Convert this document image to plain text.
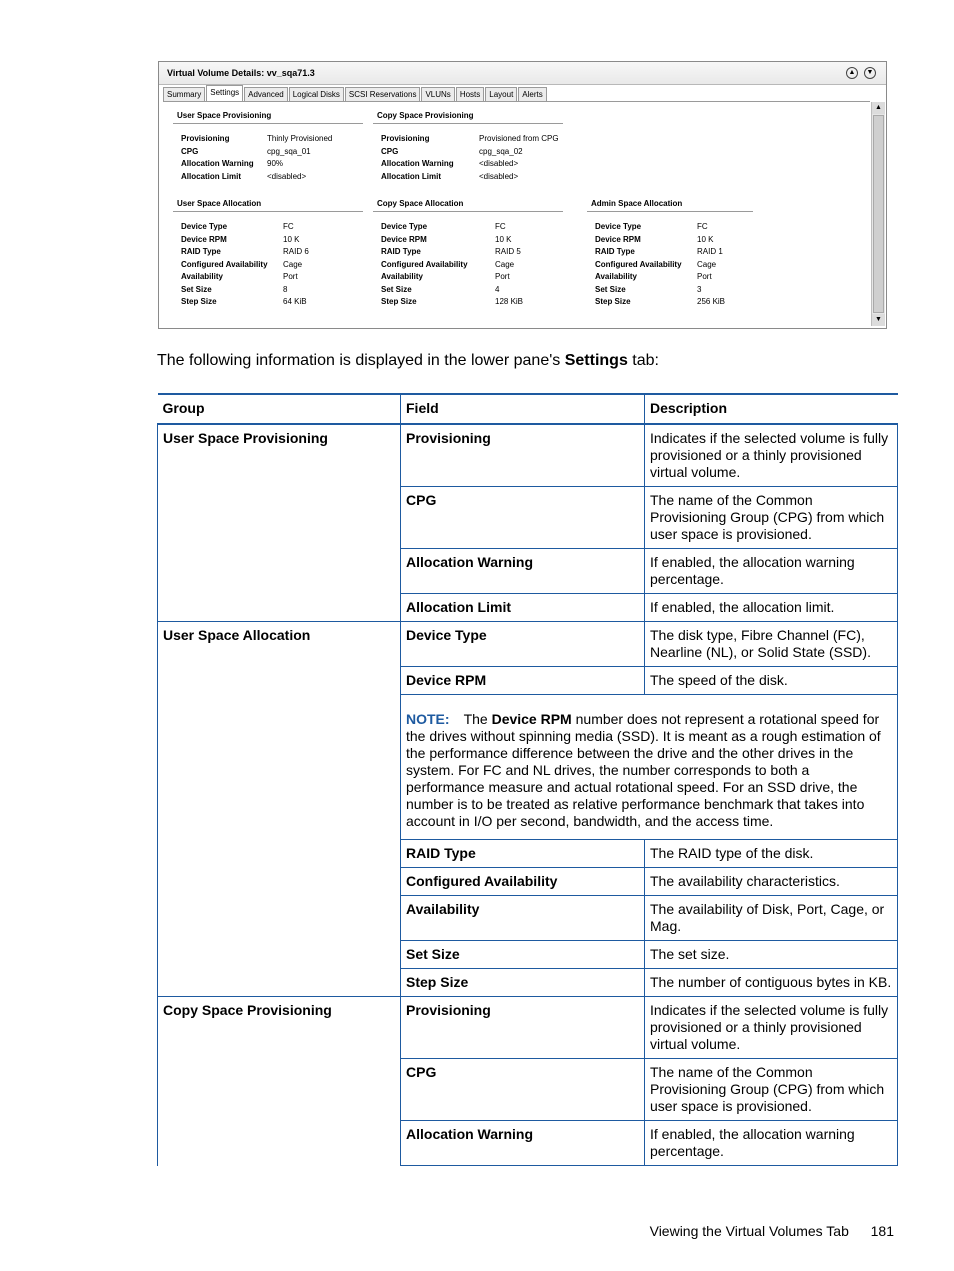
Virtual Volume Details: vv_sqa71.3	▲	▼
Summary	Settings	Advanced	Logical Disks	SCSI Reservations	VLUNs	Hosts	Layout	Alerts
User Space Provisioning
Provisioning	Thinly Provisioned
CPG	cpg_sqa_01
Allocation Warning 90%
Allocation Limit	<disabled>
Copy Space Provisioning
Provisioning	Provisioned from CPG
CPG	cpg_sqa_02
Allocation Warning	<disabled>
Allocation Limit	<disabled>
User Space Allocation
Device Type	FC
Device RPM	10 K
RAID Type	RAID 6
Configured Availability Cage
Availability	Port
Set Size	8
Step Size	64 KiB
Copy Space Allocation
Device Type	FC
Device RPM	10 K
RAID Type	RAID 5
Configured Availability	Cage
Availability	Port
Set Size	4
Step Size	128 KiB
Admin Space Allocation
Device Type	FC
Device RPM	10 K
RAID Type	RAID 1
Configured Availability Cage
Availability	Port
Set Size	3
Step Size	256 KiB
▲
▼
The following information is displayed in the lower pane's Settings tab:
Group	Field	Description
User Space Provisioning	Provisioning	Indicates if the selected volume is fully provisioned or a thinly provisioned virtual volume.
	CPG	The name of the Common Provisioning Group (CPG) from which user space is provisioned.
	Allocation Warning	If enabled, the allocation warning percentage.
	Allocation Limit	If enabled, the allocation limit.
User Space Allocation	Device Type	The disk type, Fibre Channel (FC), Nearline (NL), or Solid State (SSD).
	Device RPM	The speed of the disk.
	NOTE: The Device RPM number does not represent a rotational speed for the drives without spinning media (SSD). It is meant as a rough estimation of the performance difference between the drive and the other drives in the system. For FC and NL drives, the number corresponds to both a performance measure and actual rotational speed. For an SSD drive, the number is to be treated as relative performance benchmark that takes into account in I/O per second, bandwidth, and the access time.	
	RAID Type	The RAID type of the disk.
	Configured Availability	The availability characteristics.
	Availability	The availability of Disk, Port, Cage, or Mag.
	Set Size	The set size.
	Step Size	The number of contiguous bytes in KB.
Copy Space Provisioning	Provisioning	Indicates if the selected volume is fully provisioned or a thinly provisioned virtual volume.
	CPG	The name of the Common Provisioning Group (CPG) from which user space is provisioned.
	Allocation Warning	If enabled, the allocation warning percentage.
Viewing the Virtual Volumes Tab 181
